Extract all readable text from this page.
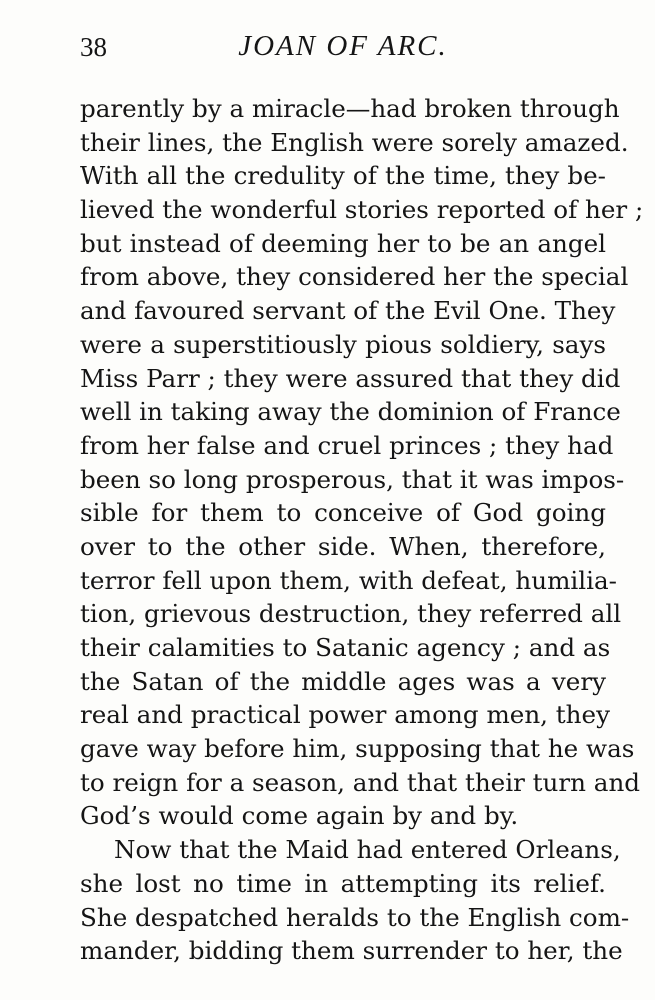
38	JOAN OF ARC.
parently by a miracle—had broken through
their lines, the English were sorely amazed.
With all the credulity of the time, they be-
lieved the wonderful stories reported of her ;
but instead of deeming her to be an angel
from above, they considered her the special
and favoured servant of the Evil One. They
were a superstitiously pious soldiery, says
Miss Parr ; they were assured that they did
well in taking away the dominion of France
from her false and cruel princes ; they had
been so long prosperous, that it was impos-
sible for them to conceive of God going
over to the other side. When, therefore,
terror fell upon them, with defeat, humilia-
tion, grievous destruction, they referred all
their calamities to Satanic agency ; and as
the Satan of the middle ages was a very
real and practical power among men, they
gave way before him, supposing that he was
to reign for a season, and that their turn and
God’s would come again by and by.
Now that the Maid had entered Orleans,
she lost no time in attempting its relief.
She despatched heralds to the English com-
mander, bidding them surrender to her, the
